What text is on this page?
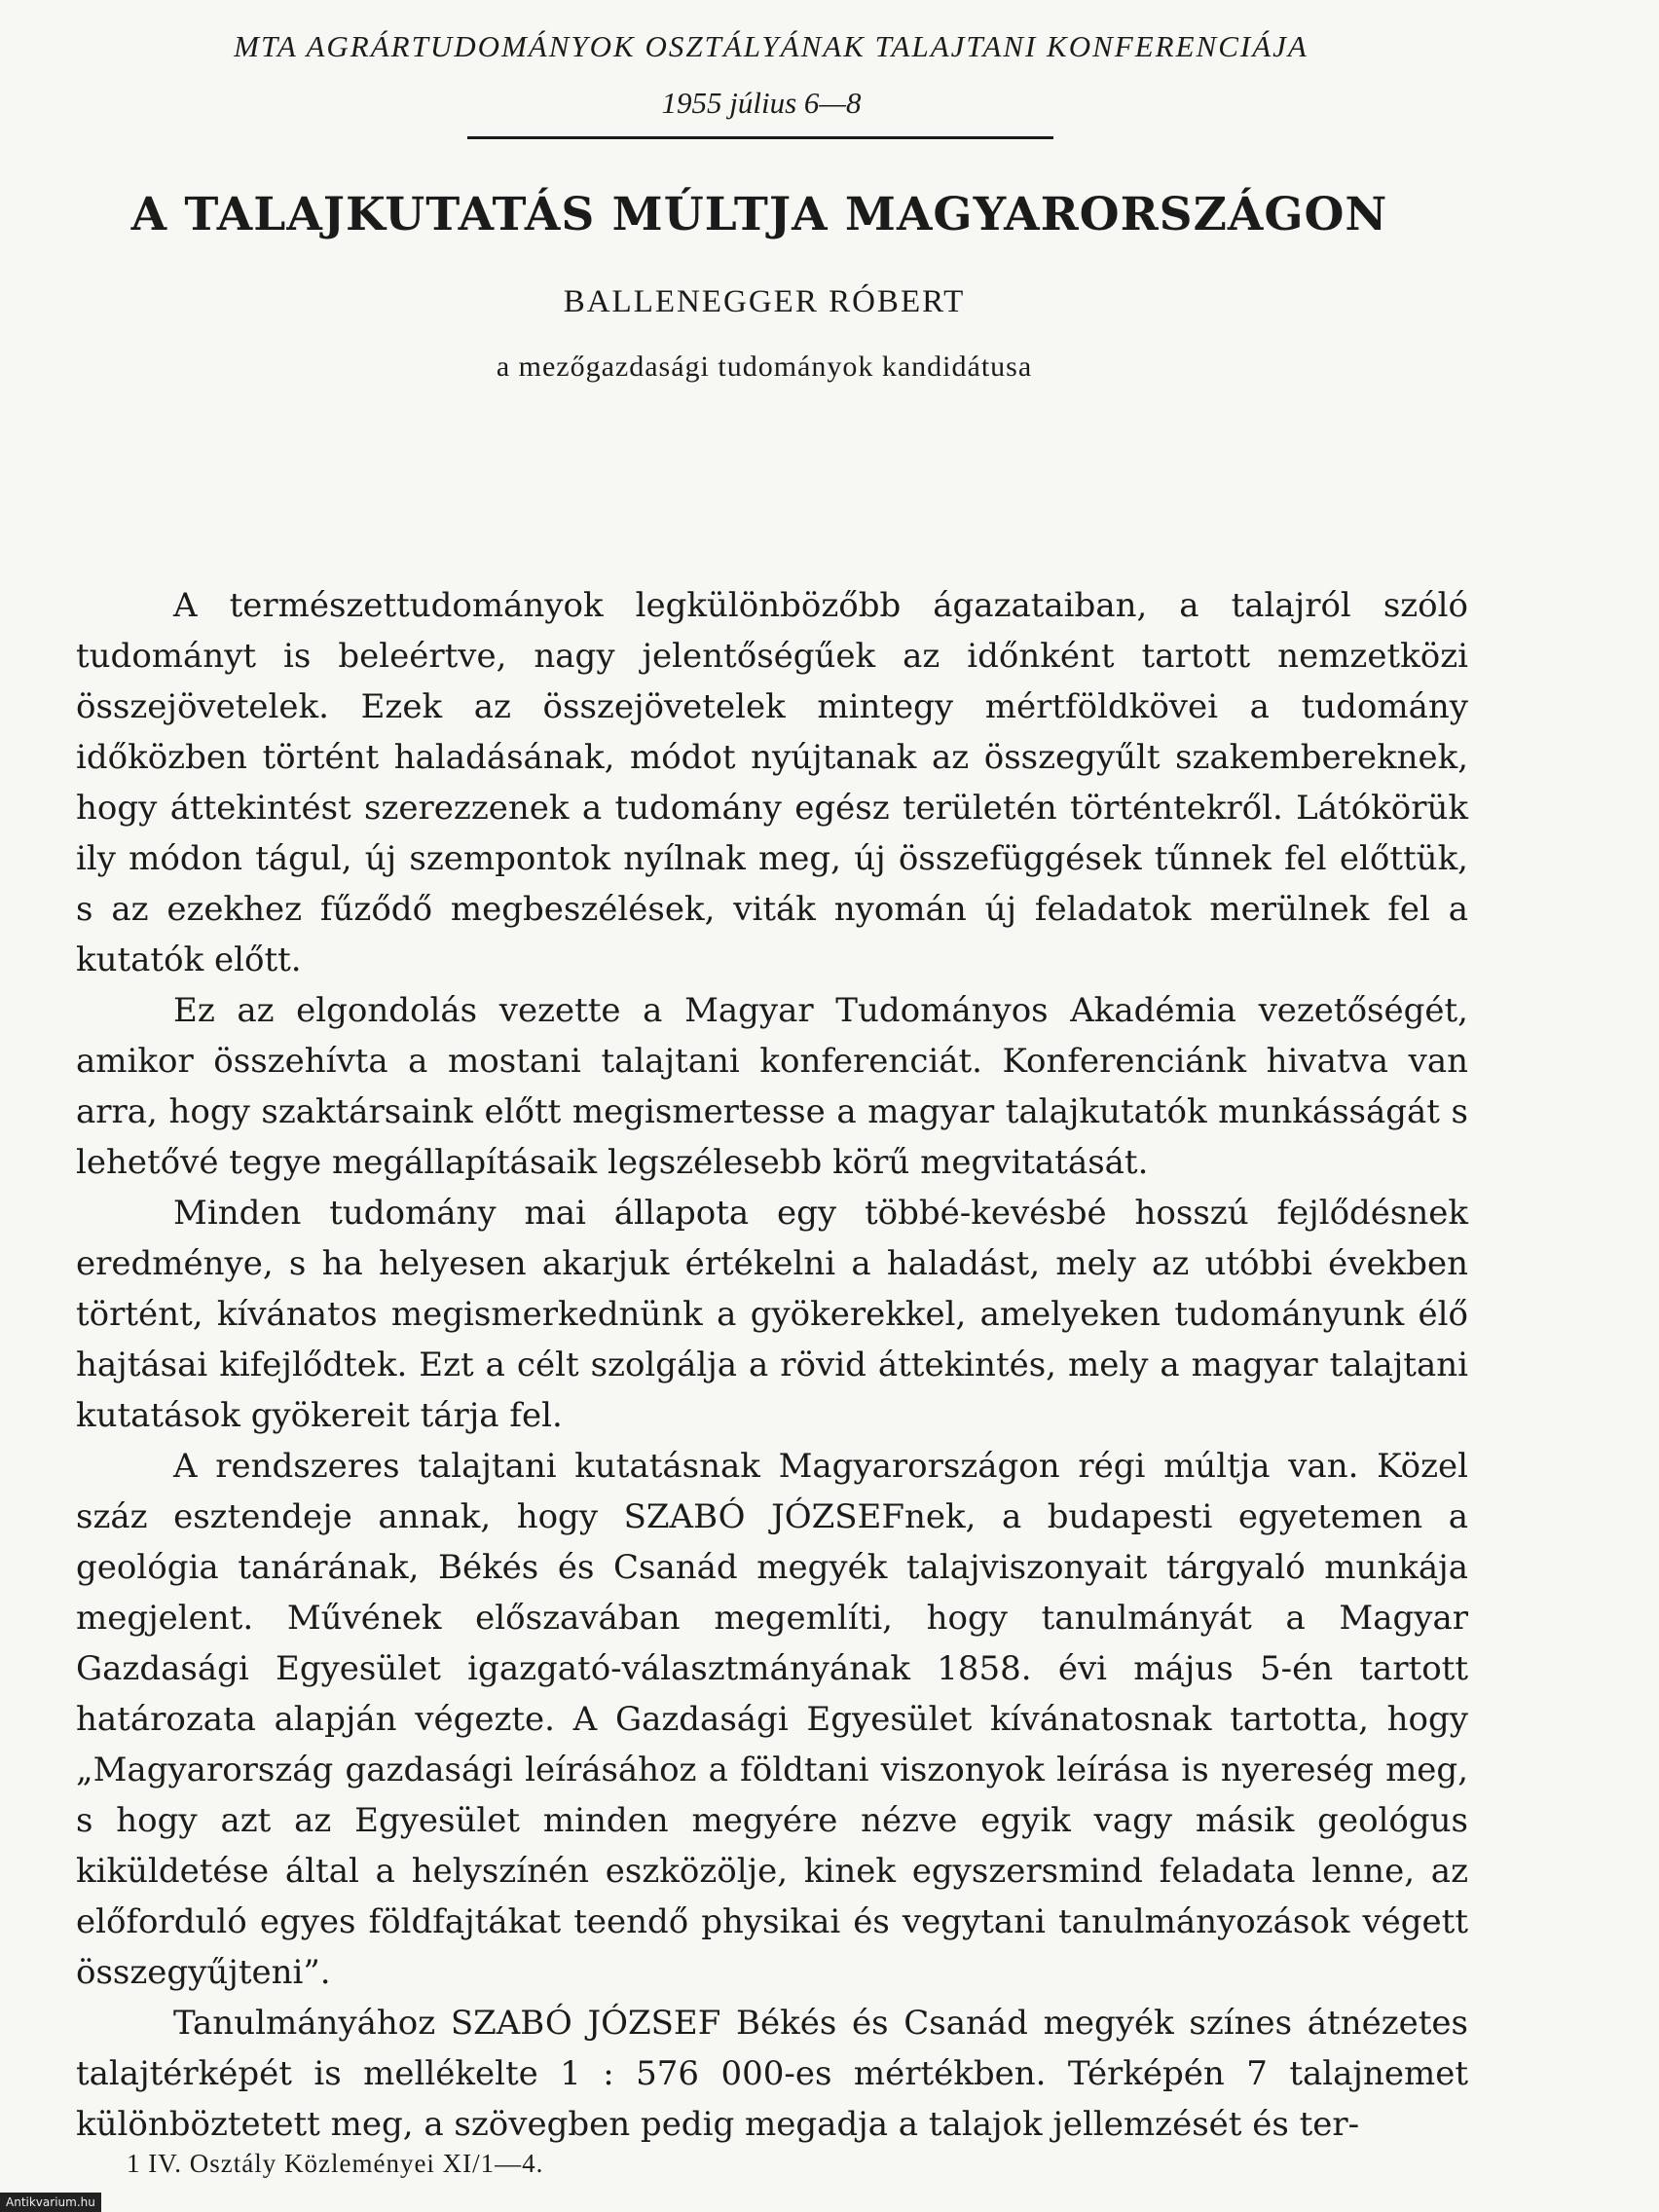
MTA AGRÁRTUDOMÁNYOK OSZTÁLYÁNAK TALAJTANI KONFERENCIÁJA
1955 július 6—8
A TALAJKUTATÁS MÚLTJA MAGYARORSZÁGON
BALLENEGGER RÓBERT
a mezőgazdasági tudományok kandidátusa

A természettudományok legkülönbözőbb ágazataiban, a talajról szóló tudományt is beleértve, nagy jelentőségűek az időnként tartott nemzetközi összejövetelek. Ezek az összejövetelek mintegy mértföldkövei a tudomány időközben történt haladásának, módot nyújtanak az összegyűlt szakembereknek, hogy áttekintést szerezzenek a tudomány egész területén történtekről. Látókörük ily módon tágul, új szempontok nyílnak meg, új összefüggések tűnnek fel előttük, s az ezekhez fűződő megbeszélések, viták nyomán új feladatok merülnek fel a kutatók előtt.

Ez az elgondolás vezette a Magyar Tudományos Akadémia vezetőségét, amikor összehívta a mostani talajtani konferenciát. Konferenciánk hivatva van arra, hogy szaktársaink előtt megismertesse a magyar talajkutatók munkásságát s lehetővé tegye megállapításaik legszélesebb körű megvitatását.

Minden tudomány mai állapota egy többé-kevésbé hosszú fejlődésnek eredménye, s ha helyesen akarjuk értékelni a haladást, mely az utóbbi években történt, kívánatos megismerkednünk a gyökerekkel, amelyeken tudományunk élő hajtásai kifejlődtek. Ezt a célt szolgálja a rövid áttekintés, mely a magyar talajtani kutatások gyökereit tárja fel.

A rendszeres talajtani kutatásnak Magyarországon régi múltja van. Közel száz esztendeje annak, hogy SZABÓ JÓZSEFnek, a budapesti egyetemen a geológia tanárának, Békés és Csanád megyék talajviszonyait tárgyaló munkája megjelent. Művének előszavában megemlíti, hogy tanulmányát a Magyar Gazdasági Egyesület igazgató-választmányának 1858. évi május 5-én tartott határozata alapján végezte. A Gazdasági Egyesület kívánatosnak tartotta, hogy „Magyarország gazdasági leírásához a földtani viszonyok leírása is nyereség meg, s hogy azt az Egyesület minden megyére nézve egyik vagy másik geológus kiküldetése által a helyszínén eszközölje, kinek egyszersmind feladata lenne, az előforduló egyes földfajtákat teendő physikai és vegytani tanulmányozások végett összegyűjteni”.

Tanulmányához SZABÓ JÓZSEF Békés és Csanád megyék színes átnézetes talajtérképét is mellékelte 1 : 576 000-es mértékben. Térképén 7 talajnemet különböztetett meg, a szövegben pedig megadja a talajok jellemzését és ter-

1 IV. Osztály Közleményei XI/1—4.
Antikvarium.hu
